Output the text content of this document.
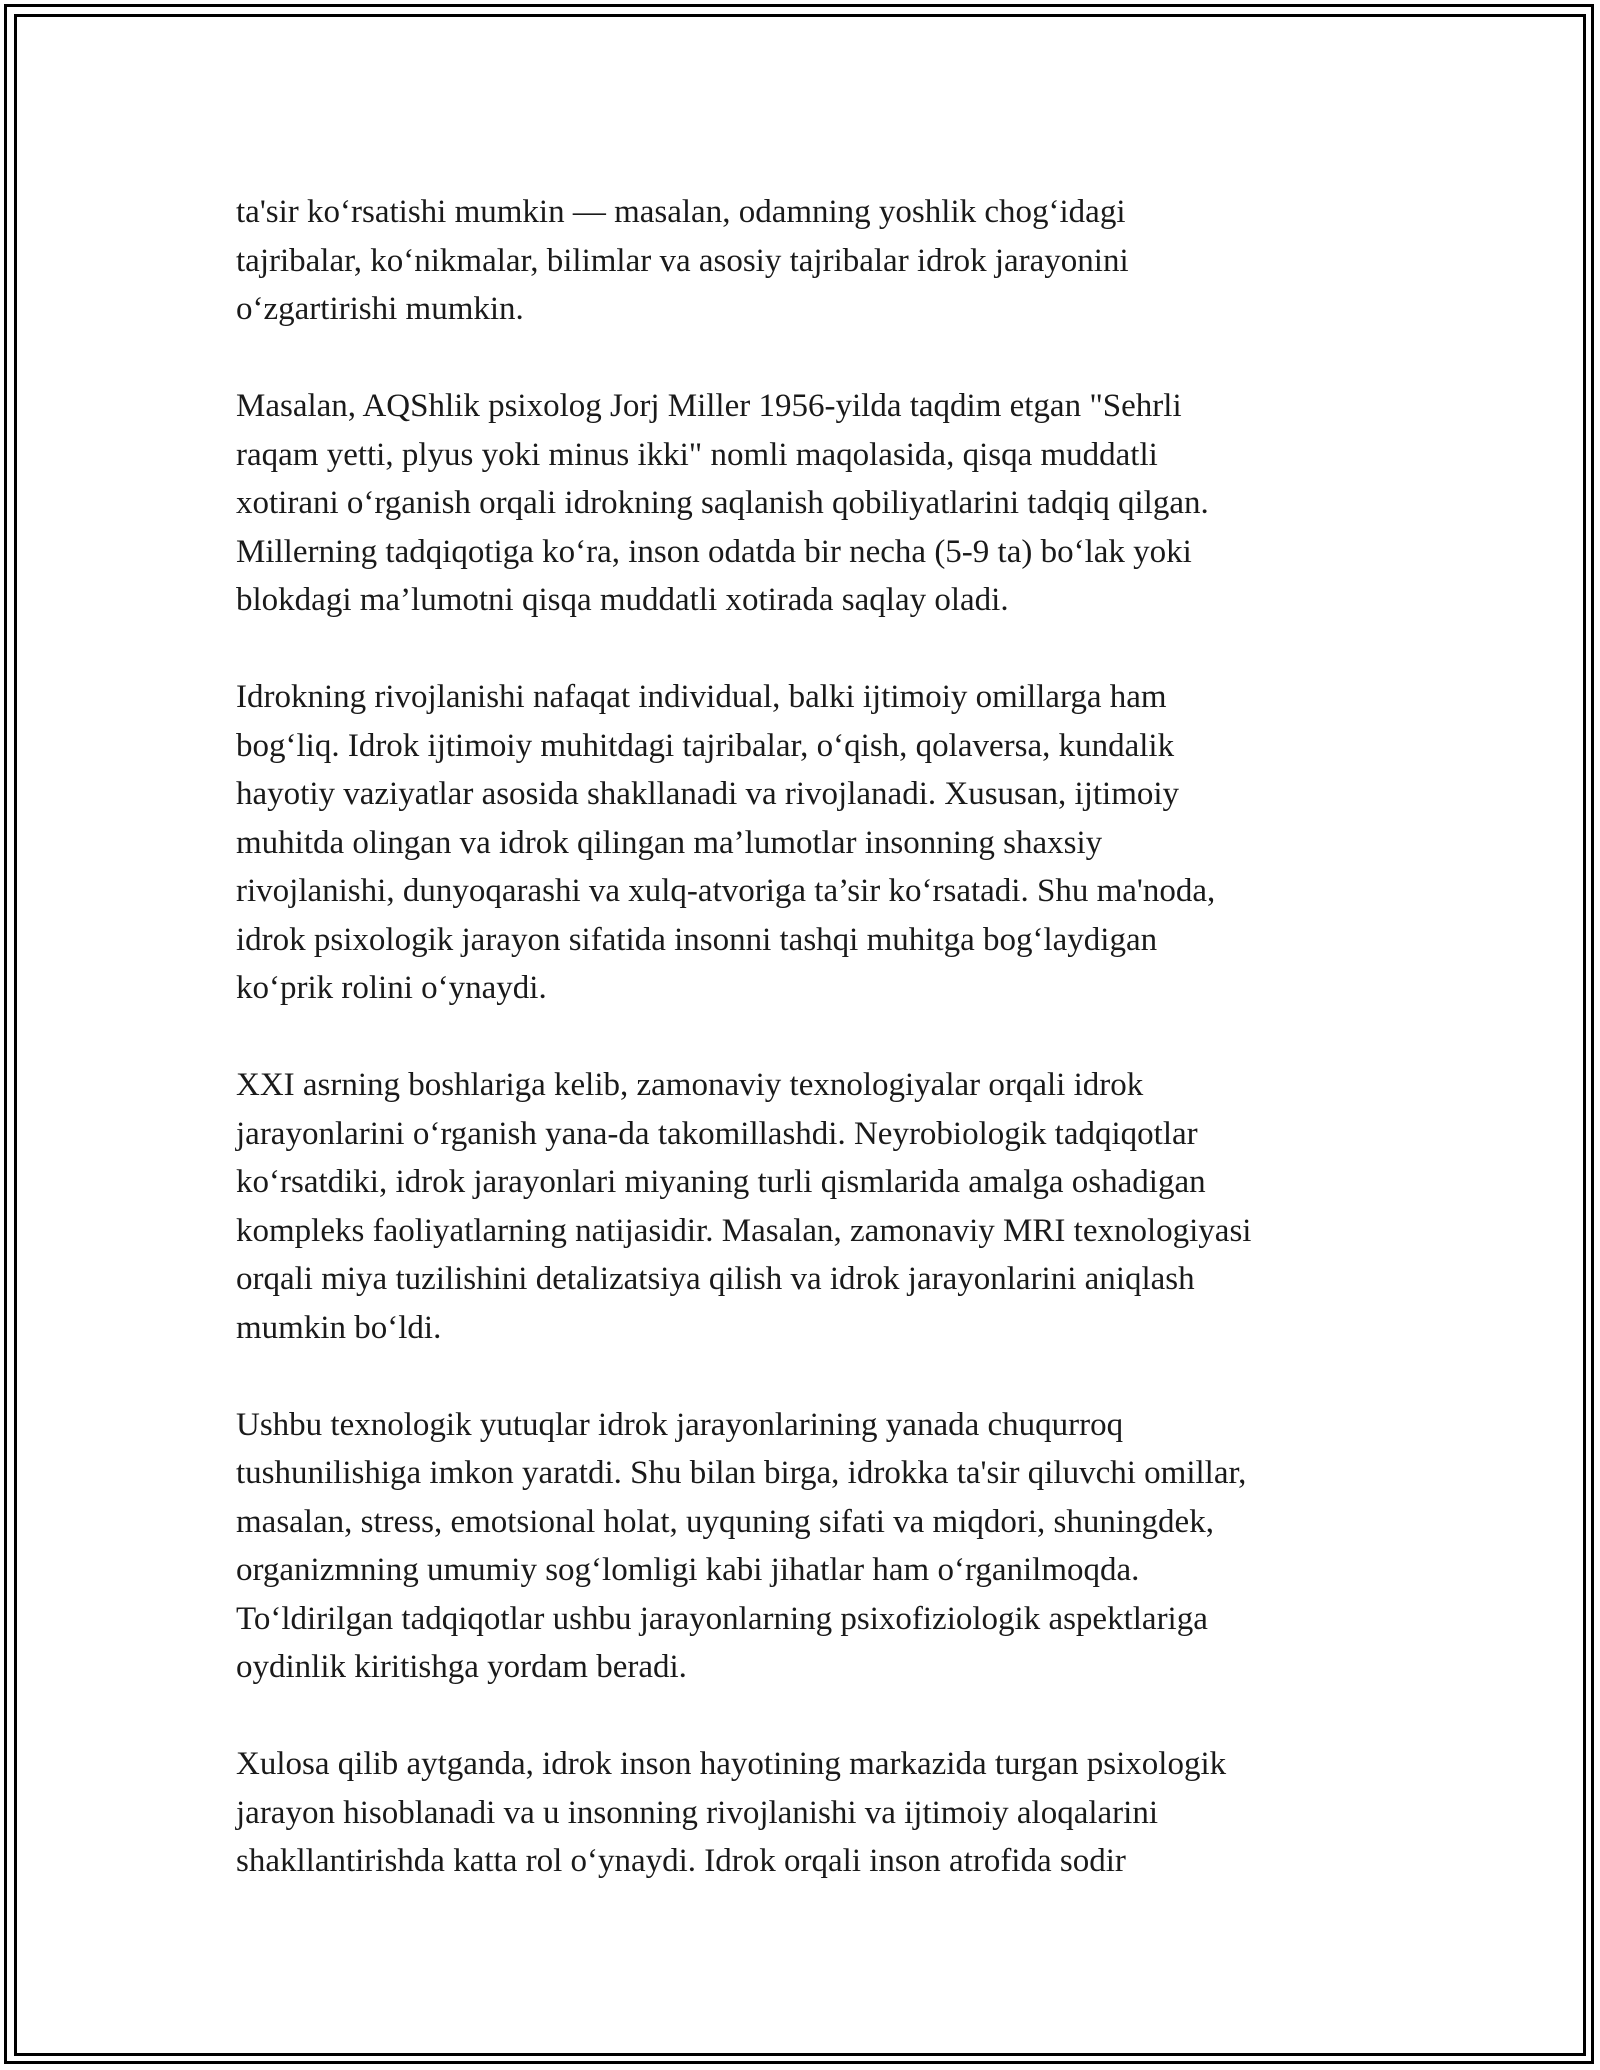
ta'sir ko‘rsatishi mumkin — masalan, odamning yoshlik chog‘idagi
tajribalar, ko‘nikmalar, bilimlar va asosiy tajribalar idrok jarayonini
o‘zgartirishi mumkin.

Masalan, AQShlik psixolog Jorj Miller 1956-yilda taqdim etgan "Sehrli
raqam yetti, plyus yoki minus ikki" nomli maqolasida, qisqa muddatli
xotirani o‘rganish orqali idrokning saqlanish qobiliyatlarini tadqiq qilgan.
Millerning tadqiqotiga ko‘ra, inson odatda bir necha (5-9 ta) bo‘lak yoki
blokdagi ma’lumotni qisqa muddatli xotirada saqlay oladi.

Idrokning rivojlanishi nafaqat individual, balki ijtimoiy omillarga ham
bog‘liq. Idrok ijtimoiy muhitdagi tajribalar, o‘qish, qolaversa, kundalik
hayotiy vaziyatlar asosida shakllanadi va rivojlanadi. Xususan, ijtimoiy
muhitda olingan va idrok qilingan ma’lumotlar insonning shaxsiy
rivojlanishi, dunyoqarashi va xulq-atvoriga ta’sir ko‘rsatadi. Shu ma'noda,
idrok psixologik jarayon sifatida insonni tashqi muhitga bog‘laydigan
ko‘prik rolini o‘ynaydi.

XXI asrning boshlariga kelib, zamonaviy texnologiyalar orqali idrok
jarayonlarini o‘rganish yana-da takomillashdi. Neyrobiologik tadqiqotlar
ko‘rsatdiki, idrok jarayonlari miyaning turli qismlarida amalga oshadigan
kompleks faoliyatlarning natijasidir. Masalan, zamonaviy MRI texnologiyasi
orqali miya tuzilishini detalizatsiya qilish va idrok jarayonlarini aniqlash
mumkin bo‘ldi.

Ushbu texnologik yutuqlar idrok jarayonlarining yanada chuqurroq
tushunilishiga imkon yaratdi. Shu bilan birga, idrokka ta'sir qiluvchi omillar,
masalan, stress, emotsional holat, uyquning sifati va miqdori, shuningdek,
organizmning umumiy sog‘lomligi kabi jihatlar ham o‘rganilmoqda.
To‘ldirilgan tadqiqotlar ushbu jarayonlarning psixofiziologik aspektlariga
oydinlik kiritishga yordam beradi.

Xulosa qilib aytganda, idrok inson hayotining markazida turgan psixologik
jarayon hisoblanadi va u insonning rivojlanishi va ijtimoiy aloqalarini
shakllantirishda katta rol o‘ynaydi. Idrok orqali inson atrofida sodir
